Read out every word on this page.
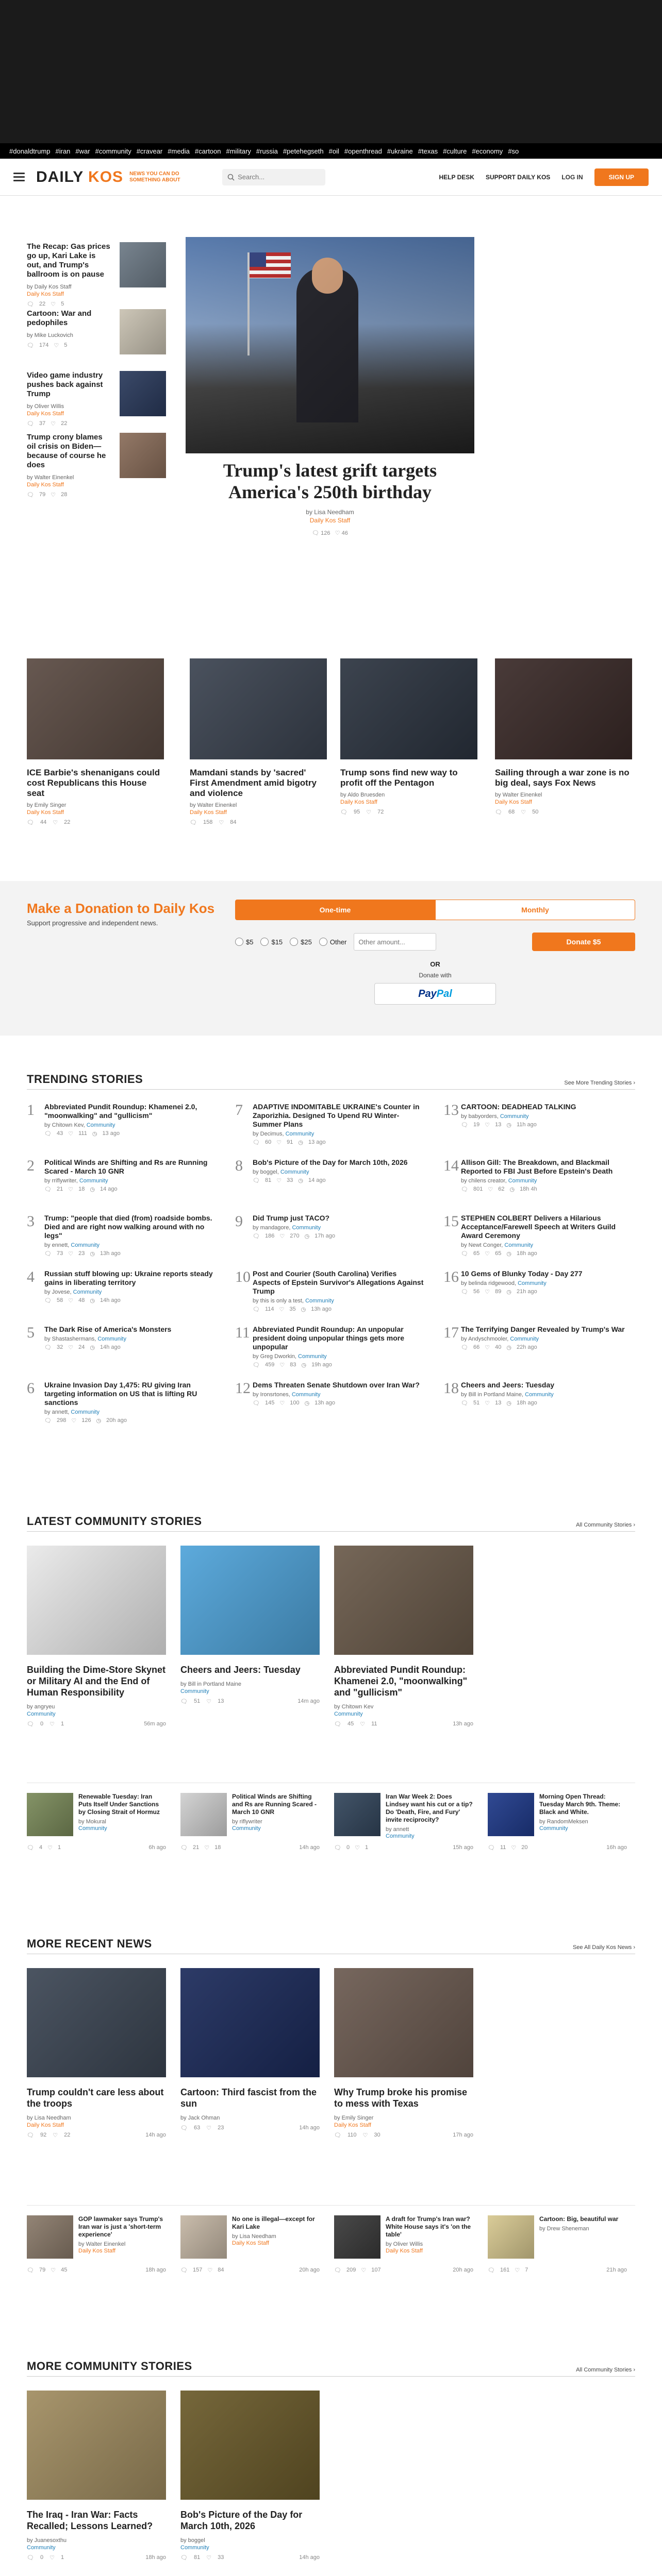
#donaldtrump #iran #war #community #cravear #media #cartoon #military #russia #petehegseth #oil #openthread #ukraine #texas #culture #economy #so
DAILY KOS NEWS YOU CAN DO SOMETHING ABOUT
Search...	HELP DESK SUPPORT DAILY KOS LOG IN	SIGN UP
The Recap: Gas prices go up, Kari Lake is out, and Trump's ballroom is on pause
by Daily Kos Staff
Daily Kos Staff
🗨 22 ♡ 5
Cartoon: War and pedophiles
by Mike Luckovich
🗨 174 ♡ 5
Video game industry pushes back against Trump
by Oliver Willis
Daily Kos Staff
🗨 37 ♡ 22
Trump crony blames oil crisis on Biden—because of course he does
by Walter Einenkel
Daily Kos Staff
🗨 79 ♡ 28
Trump's latest grift targets America's 250th birthday
by Lisa Needham
Daily Kos Staff
🗨 126 ♡ 46
ICE Barbie's shenanigans could cost Republicans this House seat
by Emily Singer
Daily Kos Staff
🗨 44 ♡ 22
Mamdani stands by 'sacred' First Amendment amid bigotry and violence
by Walter Einenkel
Daily Kos Staff
🗨 158 ♡ 84
Trump sons find new way to profit off the Pentagon
by Aldo Bruesden
Daily Kos Staff
🗨 95 ♡ 72
Sailing through a war zone is no big deal, says Fox News
by Walter Einenkel
Daily Kos Staff
🗨 68 ♡ 50
Make a Donation to Daily Kos

Support progressive and independent news.

One-time	Monthly
$5	$15	$25	Other
Other amount...	Donate $5
OR
Donate with
Pay Pal
TRENDING STORIES	See More Trending Stories ›
1	Abbreviated Pundit Roundup: Khamenei 2.0, "moonwalking" and "gullicism"
by Chitown Kev, Community
🗨 43 ♡ 111 ◷ 13 ago
2	Political Winds are Shifting and Rs are Running Scared - March 10 GNR
by rriflywriter, Community
🗨 21 ♡ 18 ◷ 14 ago
3	Trump: "people that died (from) roadside bombs. Died and are right now walking around with no legs"
by ennett, Community
🗨 73 ♡ 23 ◷ 13h ago
4	Russian stuff blowing up: Ukraine reports steady gains in liberating territory
by Jovese, Community
🗨 58 ♡ 48 ◷ 14h ago
5	The Dark Rise of America's Monsters
by Shastashermans, Community
🗨 32 ♡ 24 ◷ 14h ago
6	Ukraine Invasion Day 1,475: RU giving Iran targeting information on US that is lifting RU sanctions
by annett, Community
🗨 298 ♡ 126 ◷ 20h ago
7	ADAPTIVE INDOMITABLE UKRAINE's Counter in Zaporizhia. Designed To Upend RU Winter-Summer Plans
by Decimus, Community
🗨 60 ♡ 91 ◷ 13 ago
8	Bob's Picture of the Day for March 10th, 2026
by boggel, Community
🗨 81 ♡ 33 ◷ 14 ago
9	Did Trump just TACO?
by mandagore, Community
🗨 186 ♡ 270 ◷ 17h ago
10 Post and Courier (South Carolina) Verifies Aspects of Epstein Survivor's Allegations Against Trump
by this is only a test, Community
🗨 114 ♡ 35 ◷ 13h ago
11 Abbreviated Pundit Roundup: An unpopular president doing unpopular things gets more unpopular
by Greg Dworkin, Community
🗨 459 ♡ 83 ◷ 19h ago
12 Dems Threaten Senate Shutdown over Iran War?
by Ironsrtones, Community
🗨 145 ♡ 100 ◷ 13h ago
13 CARTOON: DEADHEAD TALKING
by babyorders, Community
🗨 19 ♡ 13 ◷ 11h ago
14 Allison Gill: The Breakdown, and Blackmail Reported to FBI Just Before Epstein's Death
by chilens creator, Community
🗨 801 ♡ 62 ◷ 18h 4h
15 STEPHEN COLBERT Delivers a Hilarious Acceptance/Farewell Speech at Writers Guild Award Ceremony
by Newt Conger, Community
🗨 65 ♡ 65 ◷ 18h ago
16 10 Gems of Blunky Today - Day 277
by belinda ridgewood, Community
🗨 56 ♡ 89 ◷ 21h ago
17 The Terrifying Danger Revealed by Trump's War
by Andyschmooler, Community
🗨 66 ♡ 40 ◷ 22h ago
18 Cheers and Jeers: Tuesday
by Bill in Portland Maine, Community
🗨 51 ♡ 13 ◷ 18h ago
LATEST COMMUNITY STORIES	All Community Stories ›
Building the Dime-Store Skynet or Military AI and the End of Human Responsibility
by angryeu
Community
🗨 0 ♡ 1	56m ago
Cheers and Jeers: Tuesday
by Bill in Portland Maine
Community
🗨 51 ♡ 13	14m ago
Abbreviated Pundit Roundup: Khamenei 2.0, "moonwalking" and "gullicism"
by Chitown Kev
Community
🗨 45 ♡ 11	13h ago
Renewable Tuesday: Iran Puts Itself Under Sanctions by Closing Strait of Hormuz
by Mokural
Community
🗨 4 ♡ 1	6h ago
Political Winds are Shifting and Rs are Running Scared - March 10 GNR
by riflywriter
Community
🗨 21 ♡ 18	14h ago
Iran War Week 2: Does Lindsey want his cut or a tip? Do 'Death, Fire, and Fury' invite reciprocity?
by annett
Community
🗨 0 ♡ 1	15h ago
Morning Open Thread: Tuesday March 9th. Theme: Black and White.
by RandomMeksen
Community
🗨 11 ♡ 20	16h ago
MORE RECENT NEWS	See All Daily Kos News ›
Trump couldn't care less about the troops
by Lisa Needham
Daily Kos Staff
🗨 92 ♡ 22	14h ago
Cartoon: Third fascist from the sun
by Jack Ohman

🗨 63 ♡ 23	14h ago
Why Trump broke his promise to mess with Texas
by Emily Singer
Daily Kos Staff
🗨 110 ♡ 30	17h ago
GOP lawmaker says Trump's Iran war is just a 'short-term experience'
by Walter Einenkel
Daily Kos Staff
🗨 79 ♡ 45	18h ago
No one is illegal—except for Kari Lake
by Lisa Needham
Daily Kos Staff
🗨 157 ♡ 84	20h ago
A draft for Trump's Iran war? White House says it's 'on the table'
by Oliver Willis
Daily Kos Staff
🗨 209 ♡ 107	20h ago
Cartoon: Big, beautiful war
by Drew Sheneman

🗨 161 ♡ 7	21h ago
MORE COMMUNITY STORIES	All Community Stories ›
The Iraq - Iran War: Facts Recalled; Lessons Learned?
by Juanesoxthu
Community
🗨 0 ♡ 1	18h ago
Bob's Picture of the Day for March 10th, 2026
by boggel
Community
🗨 81 ♡ 33	14h ago
